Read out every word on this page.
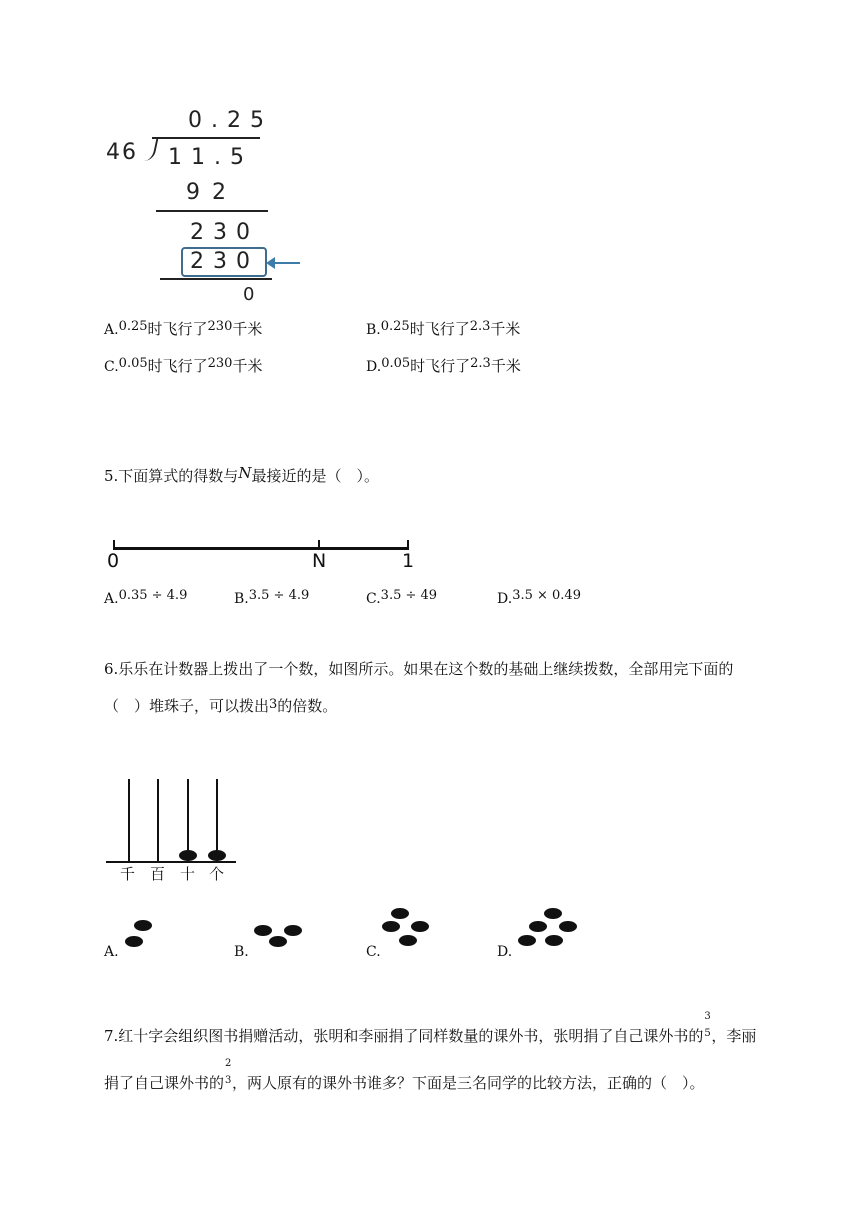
0.25
46 11.5
92
230
230
0
A.0.25时飞行了230千米	B.0.25时飞行了2.3千米
C.0.05时飞行了230千米	D.0.05时飞行了2.3千米
5.下面算式的得数与N最接近的是（　）。
0	N	1
A.0.35 ÷ 4.9	B.3.5 ÷ 4.9	C.3.5 ÷ 49	D.3.5 × 0.49
6.乐乐在计数器上拨出了一个数，如图所示。如果在这个数的基础上继续拨数，全部用完下面的
（　）堆珠子，可以拨出3的倍数。
千 百 十 个
A.	B.	C.	D.
7.红十字会组织图书捐赠活动，张明和李丽捐了同样数量的课外书，张明捐了自己课外书的
3
5 ，李丽
捐了自己课外书的
2
3 ，两人原有的课外书谁多？下面是三名同学的比较方法，正确的（　）。
